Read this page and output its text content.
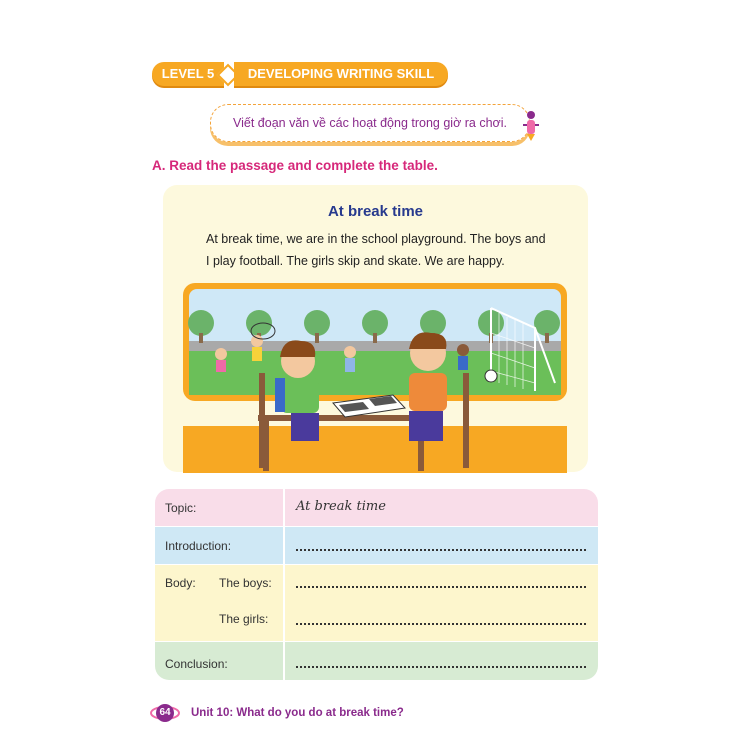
LEVEL 5	DEVELOPING WRITING SKILL
Viết đoạn văn về các hoạt động trong giờ ra chơi.
A. Read the passage and complete the table.
At break time
At break time, we are in the school playground. The boys and
I play football. The girls skip and skate. We are happy.
Topic:	At break time
Introduction:
Body: The boys:
The girls:
Conclusion:
64	Unit 10: What do you do at break time?
